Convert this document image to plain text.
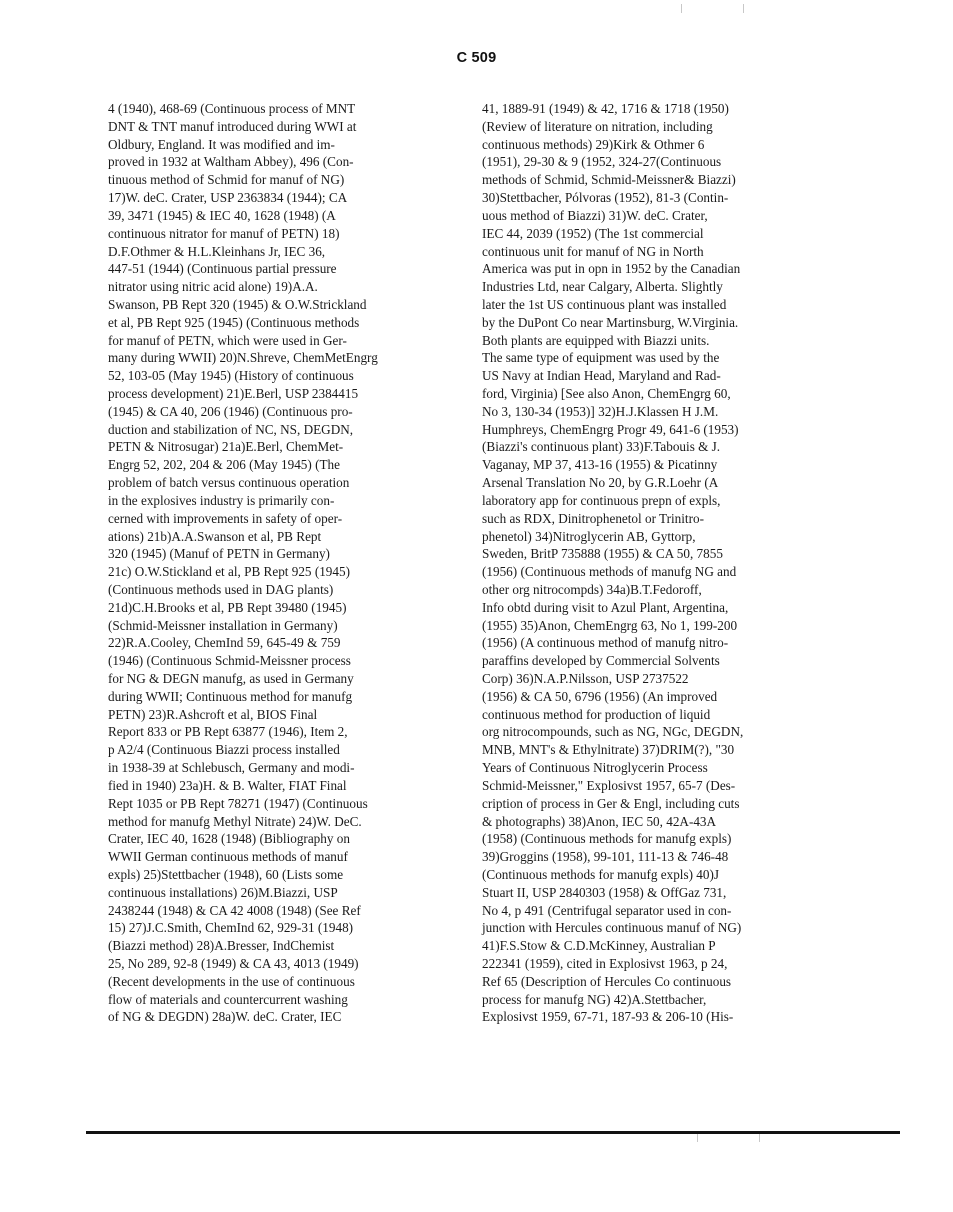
C 509
4 (1940), 468-69 (Continuous process of MNT
DNT & TNT manuf introduced during WWI at
Oldbury, England. It was modified and im-
proved in 1932 at Waltham Abbey), 496 (Con-
tinuous method of Schmid for manuf of NG)
17)W. deC. Crater, USP 2363834 (1944); CA
39, 3471 (1945) & IEC 40, 1628 (1948) (A
continuous nitrator for manuf of PETN) 18)
D.F.Othmer & H.L.Kleinhans Jr, IEC 36,
447-51 (1944) (Continuous partial pressure
nitrator using nitric acid alone) 19)A.A.
Swanson, PB Rept 320 (1945) & O.W.Strickland
et al, PB Rept 925 (1945) (Continuous methods
for manuf of PETN, which were used in Ger-
many during WWII) 20)N.Shreve, ChemMetEngrg
52, 103-05 (May 1945) (History of continuous
process development) 21)E.Berl, USP 2384415
(1945) & CA 40, 206 (1946) (Continuous pro-
duction and stabilization of NC, NS, DEGDN,
PETN & Nitrosugar) 21a)E.Berl, ChemMet-
Engrg 52, 202, 204 & 206 (May 1945) (The
problem of batch versus continuous operation
in the explosives industry is primarily con-
cerned with improvements in safety of oper-
ations) 21b)A.A.Swanson et al, PB Rept
320 (1945) (Manuf of PETN in Germany)
21c) O.W.Stickland et al, PB Rept 925 (1945)
(Continuous methods used in DAG plants)
21d)C.H.Brooks et al, PB Rept 39480 (1945)
(Schmid-Meissner installation in Germany)
22)R.A.Cooley, ChemInd 59, 645-49 & 759
(1946) (Continuous Schmid-Meissner process
for NG & DEGN manufg, as used in Germany
during WWII; Continuous method for manufg
PETN) 23)R.Ashcroft et al, BIOS Final
Report 833 or PB Rept 63877 (1946), Item 2,
p A2/4 (Continuous Biazzi process installed
in 1938-39 at Schlebusch, Germany and modi-
fied in 1940) 23a)H. & B. Walter, FIAT Final
Rept 1035 or PB Rept 78271 (1947) (Continuous
method for manufg Methyl Nitrate) 24)W. DeC.
Crater, IEC 40, 1628 (1948) (Bibliography on
WWII German continuous methods of manuf
expls) 25)Stettbacher (1948), 60 (Lists some
continuous installations) 26)M.Biazzi, USP
2438244 (1948) & CA 42 4008 (1948) (See Ref
15) 27)J.C.Smith, ChemInd 62, 929-31 (1948)
(Biazzi method) 28)A.Bresser, IndChemist
25, No 289, 92-8 (1949) & CA 43, 4013 (1949)
(Recent developments in the use of continuous
flow of materials and countercurrent washing
of NG & DEGDN) 28a)W. deC. Crater, IEC
41, 1889-91 (1949) & 42, 1716 & 1718 (1950)
(Review of literature on nitration, including
continuous methods) 29)Kirk & Othmer 6
(1951), 29-30 & 9 (1952, 324-27(Continuous
methods of Schmid, Schmid-Meissner& Biazzi)
30)Stettbacher, Pólvoras (1952), 81-3 (Contin-
uous method of Biazzi) 31)W. deC. Crater,
IEC 44, 2039 (1952) (The 1st commercial
continuous unit for manuf of NG in North
America was put in opn in 1952 by the Canadian
Industries Ltd, near Calgary, Alberta. Slightly
later the 1st US continuous plant was installed
by the DuPont Co near Martinsburg, W.Virginia.
Both plants are equipped with Biazzi units.
The same type of equipment was used by the
US Navy at Indian Head, Maryland and Rad-
ford, Virginia) [See also Anon, ChemEngrg 60,
No 3, 130-34 (1953)] 32)H.J.Klassen H J.M.
Humphreys, ChemEngrg Progr 49, 641-6 (1953)
(Biazzi's continuous plant) 33)F.Tabouis & J.
Vaganay, MP 37, 413-16 (1955) & Picatinny
Arsenal Translation No 20, by G.R.Loehr (A
laboratory app for continuous prepn of expls,
such as RDX, Dinitrophenetol or Trinitro-
phenetol) 34)Nitroglycerin AB, Gyttorp,
Sweden, BritP 735888 (1955) & CA 50, 7855
(1956) (Continuous methods of manufg NG and
other org nitrocompds) 34a)B.T.Fedoroff,
Info obtd during visit to Azul Plant, Argentina,
(1955) 35)Anon, ChemEngrg 63, No 1, 199-200
(1956) (A continuous method of manufg nitro-
paraffins developed by Commercial Solvents
Corp) 36)N.A.P.Nilsson, USP 2737522
(1956) & CA 50, 6796 (1956) (An improved
continuous method for production of liquid
org nitrocompounds, such as NG, NGc, DEGDN,
MNB, MNT's & Ethylnitrate) 37)DRIM(?), "30
Years of Continuous Nitroglycerin Process
Schmid-Meissner," Explosivst 1957, 65-7 (Des-
cription of process in Ger & Engl, including cuts
& photographs) 38)Anon, IEC 50, 42A-43A
(1958) (Continuous methods for manufg expls)
39)Groggins (1958), 99-101, 111-13 & 746-48
(Continuous methods for manufg expls) 40)J
Stuart II, USP 2840303 (1958) & OffGaz 731,
No 4, p 491 (Centrifugal separator used in con-
junction with Hercules continuous manuf of NG)
41)F.S.Stow & C.D.McKinney, Australian P
222341 (1959), cited in Explosivst 1963, p 24,
Ref 65 (Description of Hercules Co continuous
process for manufg NG) 42)A.Stettbacher,
Explosivst 1959, 67-71, 187-93 & 206-10 (His-
